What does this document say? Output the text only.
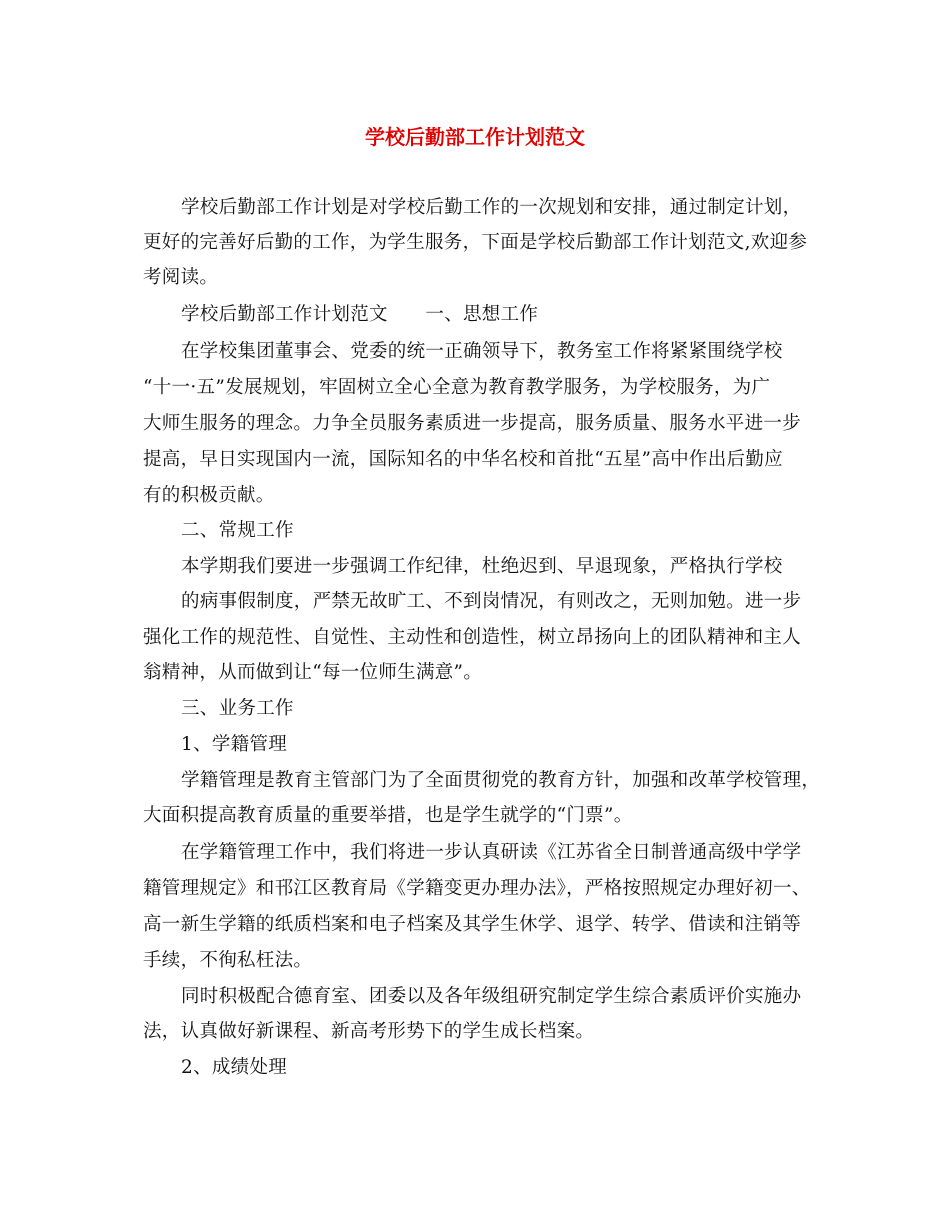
学校后勤部工作计划范文
学校后勤部工作计划是对学校后勤工作的一次规划和安排，通过制定计划，
更好的完善好后勤的工作，为学生服务，下面是学校后勤部工作计划范文,欢迎参
考阅读。
学校后勤部工作计划范文　　一、思想工作
在学校集团董事会、党委的统一正确领导下，教务室工作将紧紧围绕学校
“十一·五”发展规划，牢固树立全心全意为教育教学服务，为学校服务，为广
大师生服务的理念。力争全员服务素质进一步提高，服务质量、服务水平进一步
提高，早日实现国内一流，国际知名的中华名校和首批“五星”高中作出后勤应
有的积极贡献。
二、常规工作
本学期我们要进一步强调工作纪律，杜绝迟到、早退现象，严格执行学校
的病事假制度，严禁无故旷工、不到岗情况，有则改之，无则加勉。进一步
强化工作的规范性、自觉性、主动性和创造性，树立昂扬向上的团队精神和主人
翁精神，从而做到让“每一位师生满意”。
三、业务工作
1、学籍管理
学籍管理是教育主管部门为了全面贯彻党的教育方针，加强和改革学校管理，
大面积提高教育质量的重要举措，也是学生就学的“门票”。
在学籍管理工作中，我们将进一步认真研读《江苏省全日制普通高级中学学
籍管理规定》和邗江区教育局《学籍变更办理办法》，严格按照规定办理好初一、
高一新生学籍的纸质档案和电子档案及其学生休学、退学、转学、借读和注销等
手续，不徇私枉法。
同时积极配合德育室、团委以及各年级组研究制定学生综合素质评价实施办
法，认真做好新课程、新高考形势下的学生成长档案。
2、成绩处理
